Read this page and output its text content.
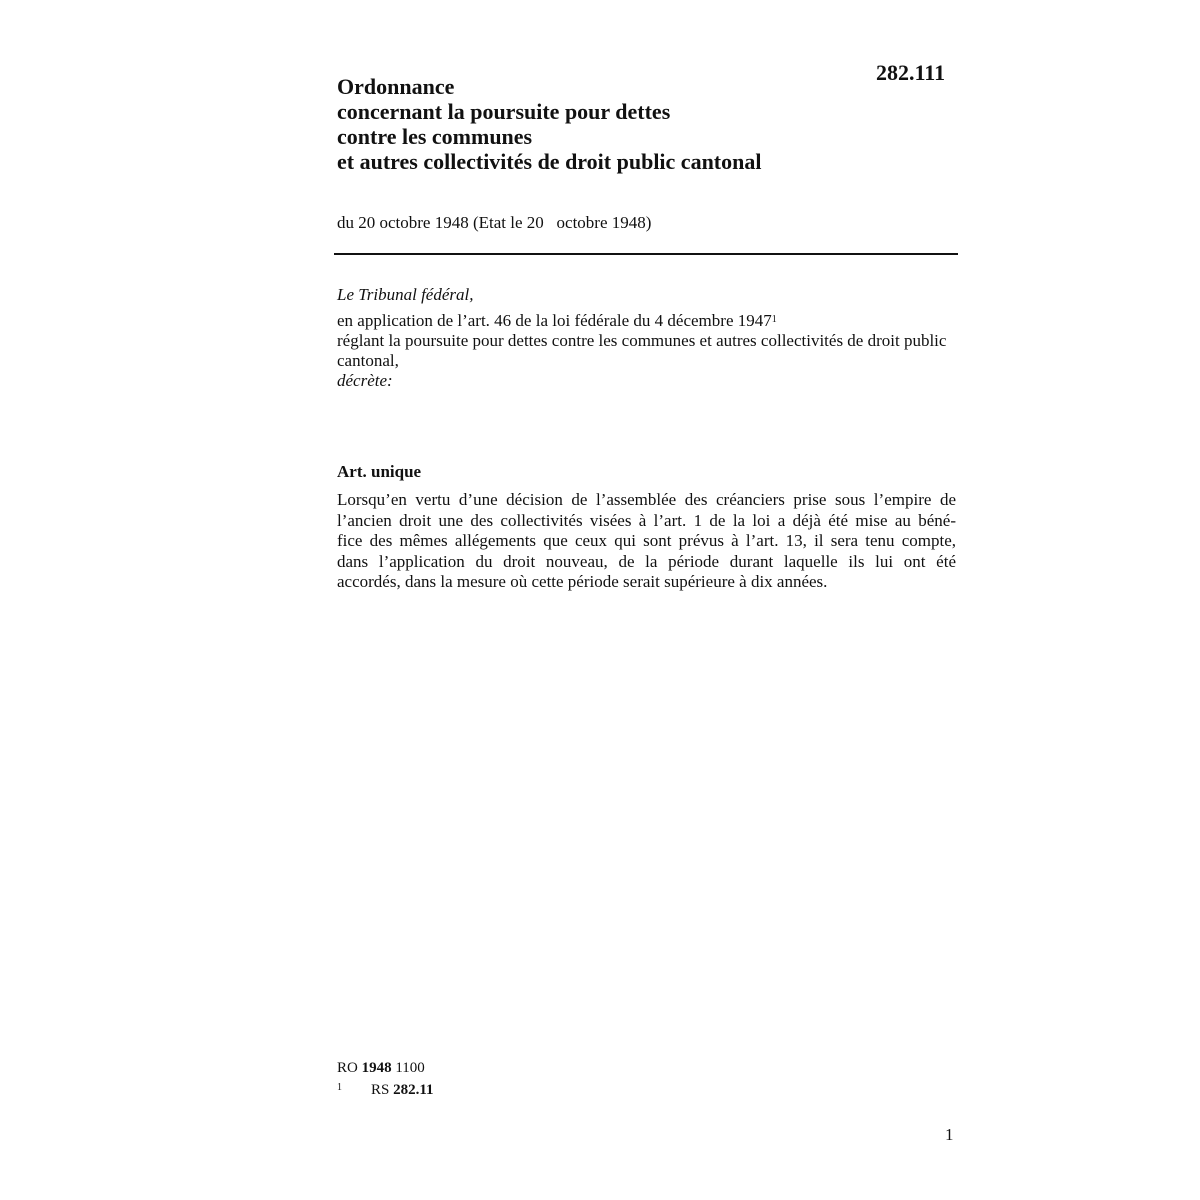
282.111
Ordonnance
concernant la poursuite pour dettes
contre les communes
et autres collectivités de droit public cantonal
du 20 octobre 1948 (Etat le 20   octobre 1948)
Le Tribunal fédéral,
en application de l’art. 46 de la loi fédérale du 4 décembre 1947$^1$
réglant la poursuite pour dettes contre les communes et autres collectivités de droit public cantonal,
décrète:
Art. unique
Lorsqu’en vertu d’une décision de l’assemblée des créanciers prise sous l’empire de
l’ancien droit une des collectivités visées à l’art. 1 de la loi a déjà été mise au béné-
fice des mêmes allégements que ceux qui sont prévus à l’art. 13, il sera tenu compte,
dans l’application du droit nouveau, de la période durant laquelle ils lui ont été
accordés, dans la mesure où cette période serait supérieure à dix années.
RO 1948 1100
1 RS 282.11
1
